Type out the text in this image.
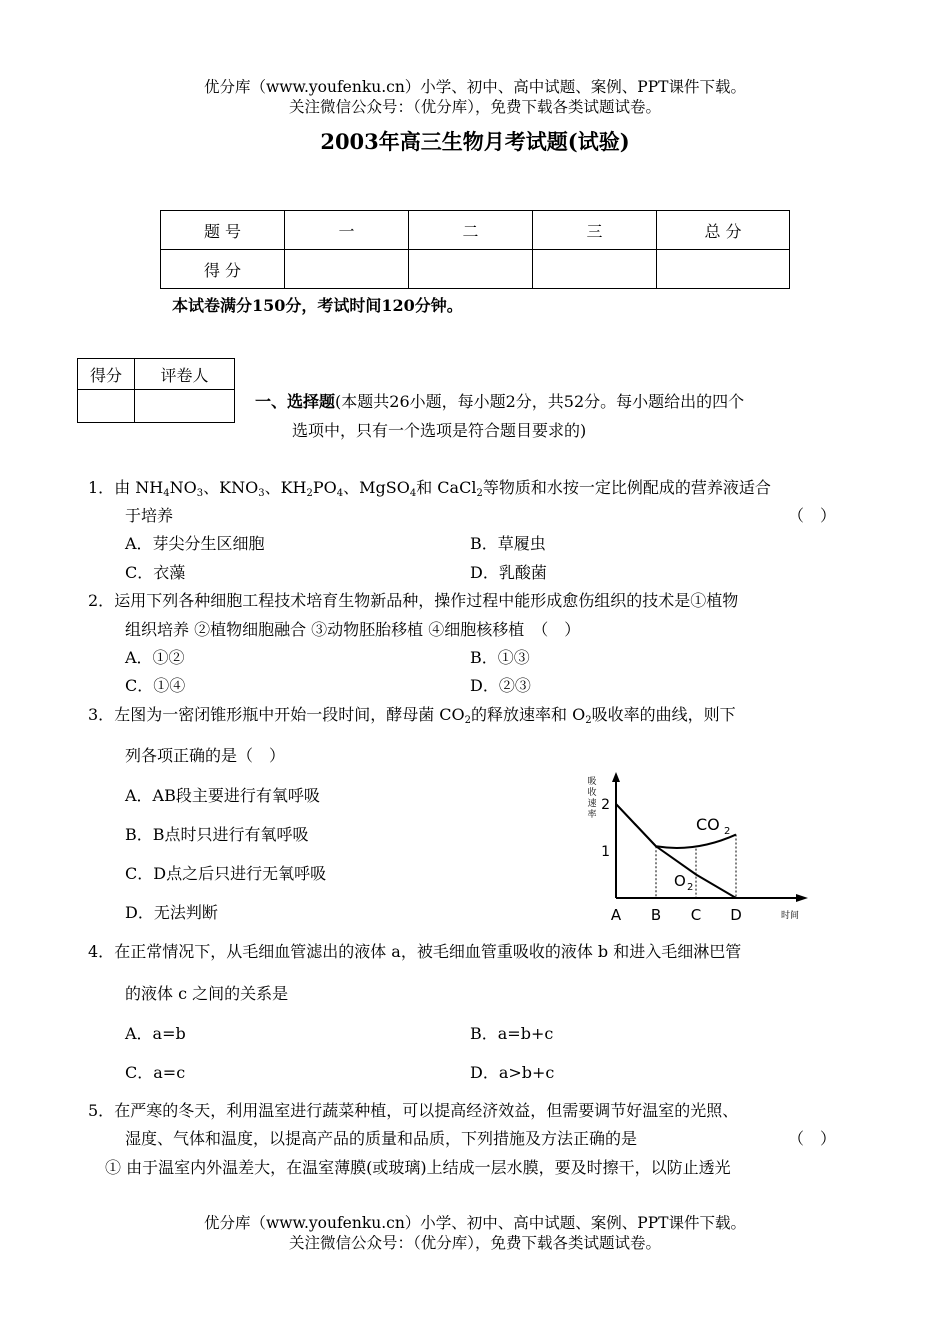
优分库（www.youfenku.cn）小学、初中、高中试题、案例、PPT课件下载。
关注微信公众号：（优分库），免费下载各类试题试卷。
2003年高三生物月考试题(试验)
题 号	一	二	三	总 分
得 分				
本试卷满分150分，考试时间120分钟。
得分	评卷人

一、选择题(本题共26小题，每小题2分，共52分。每小题给出的四个
选项中，只有一个选项是符合题目要求的)
1．由 $NH_4NO_3$、$KNO_3$、$KH_2PO_4$、MgSO$_4$和 CaCl$_2$等物质和水按一定比例配成的营养液适合
于培养	（　）
A．芽尖分生区细胞	B．草履虫
C．衣藻	D．乳酸菌
2．运用下列各种细胞工程技术培育生物新品种，操作过程中能形成愈伤组织的技术是①植物
组织培养 ②植物细胞融合 ③动物胚胎移植 ④细胞核移植　（　）
A．①②	B．①③
C．①④	D．②③
3．左图为一密闭锥形瓶中开始一段时间，酵母菌 $CO_2$的释放速率和 $O_2$吸收率的曲线，则下
列各项正确的是（　）
A．AB段主要进行有氧呼吸
B．B点时只进行有氧呼吸
C．D点之后只进行无氧呼吸
D．无法判断
吸
收
速
率
1
2
A B C D	时间
CO 2
O 2
4．在正常情况下，从毛细血管滤出的液体 a，被毛细血管重吸收的液体 b 和进入毛细淋巴管
的液体 c 之间的关系是
A．a=b	B．a=b+c
C．a=c	D．a>b+c
5．在严寒的冬天，利用温室进行蔬菜种植，可以提高经济效益，但需要调节好温室的光照、
湿度、气体和温度，以提高产品的质量和品质，下列措施及方法正确的是	（　）
① 由于温室内外温差大，在温室薄膜(或玻璃)上结成一层水膜，要及时擦干，以防止透光
优分库（www.youfenku.cn）小学、初中、高中试题、案例、PPT课件下载。
关注微信公众号：（优分库），免费下载各类试题试卷。
